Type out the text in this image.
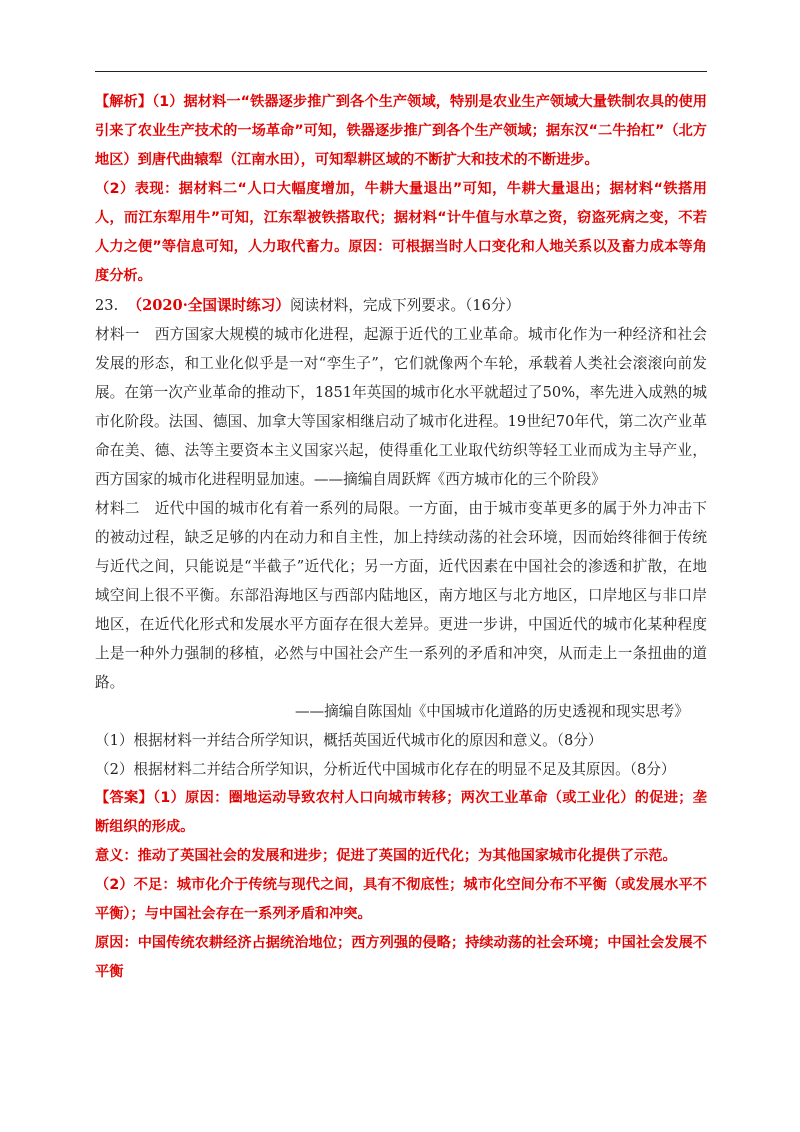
【解析】（1）据材料一“铁器逐步推广到各个生产领域，特别是农业生产领域大量铁制农具的使用引来了农业生产技术的一场革命”可知，铁器逐步推广到各个生产领域；据东汉“二牛抬杠”（北方地区）到唐代曲辕犁（江南水田），可知犁耕区域的不断扩大和技术的不断进步。

（2）表现：据材料二“人口大幅度增加，牛耕大量退出”可知，牛耕大量退出；据材料“铁搭用人，而江东犁用牛”可知，江东犁被铁搭取代；据材料“计牛值与水草之资，窃盗死病之变，不若人力之便”等信息可知，人力取代畜力。原因：可根据当时人口变化和人地关系以及畜力成本等角度分析。

23. （2020·全国课时练习）阅读材料，完成下列要求。（16分）

材料一　西方国家大规模的城市化进程，起源于近代的工业革命。城市化作为一种经济和社会发展的形态，和工业化似乎是一对“孪生子”，它们就像两个车轮，承载着人类社会滚滚向前发展。在第一次产业革命的推动下，1851年英国的城市化水平就超过了50%，率先进入成熟的城市化阶段。法国、德国、加拿大等国家相继启动了城市化进程。19世纪70年代，第二次产业革命在美、德、法等主要资本主义国家兴起，使得重化工业取代纺织等轻工业而成为主导产业，西方国家的城市化进程明显加速。——摘编自周跃辉《西方城市化的三个阶段》

材料二　近代中国的城市化有着一系列的局限。一方面，由于城市变革更多的属于外力冲击下的被动过程，缺乏足够的内在动力和自主性，加上持续动荡的社会环境，因而始终徘徊于传统与近代之间，只能说是“半截子”近代化；另一方面，近代因素在中国社会的渗透和扩散，在地域空间上很不平衡。东部沿海地区与西部内陆地区，南方地区与北方地区，口岸地区与非口岸地区，在近代化形式和发展水平方面存在很大差异。更进一步讲，中国近代的城市化某种程度上是一种外力强制的移植，必然与中国社会产生一系列的矛盾和冲突，从而走上一条扭曲的道路。

——摘编自陈国灿《中国城市化道路的历史透视和现实思考》

（1）根据材料一并结合所学知识，概括英国近代城市化的原因和意义。（8分）

（2）根据材料二并结合所学知识，分析近代中国城市化存在的明显不足及其原因。（8分）

【答案】（1）原因：圈地运动导致农村人口向城市转移；两次工业革命（或工业化）的促进；垄断组织的形成。

意义：推动了英国社会的发展和进步；促进了英国的近代化；为其他国家城市化提供了示范。

（2）不足：城市化介于传统与现代之间，具有不彻底性；城市化空间分布不平衡（或发展水平不平衡）；与中国社会存在一系列矛盾和冲突。

原因：中国传统农耕经济占据统治地位；西方列强的侵略；持续动荡的社会环境；中国社会发展不平衡
